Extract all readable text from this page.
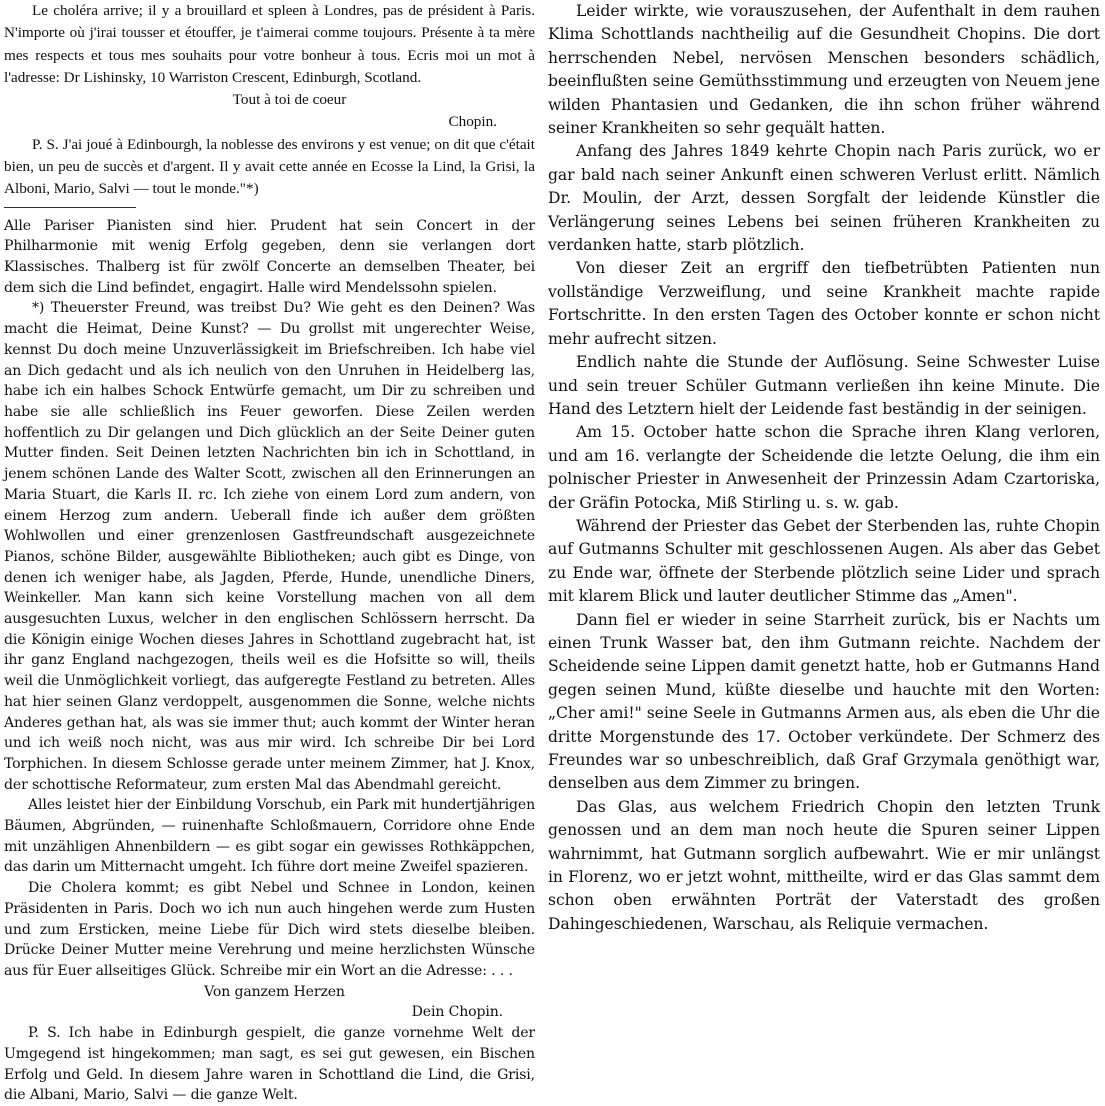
Le choléra arrive; il y a brouillard et spleen à Londres, pas de président à Paris. N'importe où j'irai tousser et étouffer, je t'aimerai comme toujours. Présente à ta mère mes respects et tous mes souhaits pour votre bonheur à tous. Ecris moi un mot à l'adresse: Dr Lishinsky, 10 Warriston Crescent, Edinburgh, Scotland.

Tout à toi de coeur

Chopin.

P. S. J'ai joué à Edinbourgh, la noblesse des environs y est venue; on dit que c'était bien, un peu de succès et d'argent. Il y avait cette année en Ecosse la Lind, la Grisi, la Alboni, Mario, Salvi — tout le monde."*)

Alle Pariser Pianisten sind hier. Prudent hat sein Concert in der Philharmonie mit wenig Erfolg gegeben, denn sie verlangen dort Klassisches. Thalberg ist für zwölf Concerte an demselben Theater, bei dem sich die Lind befindet, engagirt. Halle wird Mendelssohn spielen.

*) Theuerster Freund, was treibst Du? Wie geht es den Deinen? Was macht die Heimat, Deine Kunst? — Du grollst mit ungerechter Weise, kennst Du doch meine Unzuverlässigkeit im Briefschreiben. Ich habe viel an Dich gedacht und als ich neulich von den Unruhen in Heidelberg las, habe ich ein halbes Schock Entwürfe gemacht, um Dir zu schreiben und habe sie alle schließlich ins Feuer geworfen. Diese Zeilen werden hoffentlich zu Dir gelangen und Dich glücklich an der Seite Deiner guten Mutter finden. Seit Deinen letzten Nachrichten bin ich in Schottland, in jenem schönen Lande des Walter Scott, zwischen all den Erinnerungen an Maria Stuart, die Karls II. rc. Ich ziehe von einem Lord zum andern, von einem Herzog zum andern. Ueberall finde ich außer dem größten Wohlwollen und einer grenzenlosen Gastfreundschaft ausgezeichnete Pianos, schöne Bilder, ausgewählte Bibliotheken; auch gibt es Dinge, von denen ich weniger habe, als Jagden, Pferde, Hunde, unendliche Diners, Weinkeller. Man kann sich keine Vorstellung machen von all dem ausgesuchten Luxus, welcher in den englischen Schlössern herrscht. Da die Königin einige Wochen dieses Jahres in Schottland zugebracht hat, ist ihr ganz England nachgezogen, theils weil es die Hofsitte so will, theils weil die Unmöglichkeit vorliegt, das aufgeregte Festland zu betreten. Alles hat hier seinen Glanz verdoppelt, ausgenommen die Sonne, welche nichts Anderes gethan hat, als was sie immer thut; auch kommt der Winter heran und ich weiß noch nicht, was aus mir wird. Ich schreibe Dir bei Lord Torphichen. In diesem Schlosse gerade unter meinem Zimmer, hat J. Knox, der schottische Reformateur, zum ersten Mal das Abendmahl gereicht.

Alles leistet hier der Einbildung Vorschub, ein Park mit hundertjährigen Bäumen, Abgründen, — ruinenhafte Schloßmauern, Corridore ohne Ende mit unzähligen Ahnenbildern — es gibt sogar ein gewisses Rothkäppchen, das darin um Mitternacht umgeht. Ich führe dort meine Zweifel spazieren.

Die Cholera kommt; es gibt Nebel und Schnee in London, keinen Präsidenten in Paris. Doch wo ich nun auch hingehen werde zum Husten und zum Ersticken, meine Liebe für Dich wird stets dieselbe bleiben. Drücke Deiner Mutter meine Verehrung und meine herzlichsten Wünsche aus für Euer allseitiges Glück. Schreibe mir ein Wort an die Adresse: . . .

Von ganzem Herzen

Dein Chopin.

P. S. Ich habe in Edinburgh gespielt, die ganze vornehme Welt der Umgegend ist hingekommen; man sagt, es sei gut gewesen, ein Bischen Erfolg und Geld. In diesem Jahre waren in Schottland die Lind, die Grisi, die Albani, Mario, Salvi — die ganze Welt.

Leider wirkte, wie vorauszusehen, der Aufenthalt in dem rauhen Klima Schottlands nachtheilig auf die Gesundheit Chopins. Die dort herrschenden Nebel, nervösen Menschen besonders schädlich, beeinflußten seine Gemüthsstimmung und erzeugten von Neuem jene wilden Phantasien und Gedanken, die ihn schon früher während seiner Krankheiten so sehr gequält hatten.

Anfang des Jahres 1849 kehrte Chopin nach Paris zurück, wo er gar bald nach seiner Ankunft einen schweren Verlust erlitt. Nämlich Dr. Moulin, der Arzt, dessen Sorgfalt der leidende Künstler die Verlängerung seines Lebens bei seinen früheren Krankheiten zu verdanken hatte, starb plötzlich.

Von dieser Zeit an ergriff den tiefbetrübten Patienten nun vollständige Verzweiflung, und seine Krankheit machte rapide Fortschritte. In den ersten Tagen des October konnte er schon nicht mehr aufrecht sitzen.

Endlich nahte die Stunde der Auflösung. Seine Schwester Luise und sein treuer Schüler Gutmann verließen ihn keine Minute. Die Hand des Letztern hielt der Leidende fast beständig in der seinigen.

Am 15. October hatte schon die Sprache ihren Klang verloren, und am 16. verlangte der Scheidende die letzte Oelung, die ihm ein polnischer Priester in Anwesenheit der Prinzessin Adam Czartoriska, der Gräfin Potocka, Miß Stirling u. s. w. gab.

Während der Priester das Gebet der Sterbenden las, ruhte Chopin auf Gutmanns Schulter mit geschlossenen Augen. Als aber das Gebet zu Ende war, öffnete der Sterbende plötzlich seine Lider und sprach mit klarem Blick und lauter deutlicher Stimme das „Amen".

Dann fiel er wieder in seine Starrheit zurück, bis er Nachts um einen Trunk Wasser bat, den ihm Gutmann reichte. Nachdem der Scheidende seine Lippen damit genetzt hatte, hob er Gutmanns Hand gegen seinen Mund, küßte dieselbe und hauchte mit den Worten: „Cher ami!" seine Seele in Gutmanns Armen aus, als eben die Uhr die dritte Morgenstunde des 17. October verkündete. Der Schmerz des Freundes war so unbeschreiblich, daß Graf Grzymala genöthigt war, denselben aus dem Zimmer zu bringen.

Das Glas, aus welchem Friedrich Chopin den letzten Trunk genossen und an dem man noch heute die Spuren seiner Lippen wahrnimmt, hat Gutmann sorglich aufbewahrt. Wie er mir unlängst in Florenz, wo er jetzt wohnt, mittheilte, wird er das Glas sammt dem schon oben erwähnten Porträt der Vaterstadt des großen Dahingeschiedenen, Warschau, als Reliquie vermachen.
